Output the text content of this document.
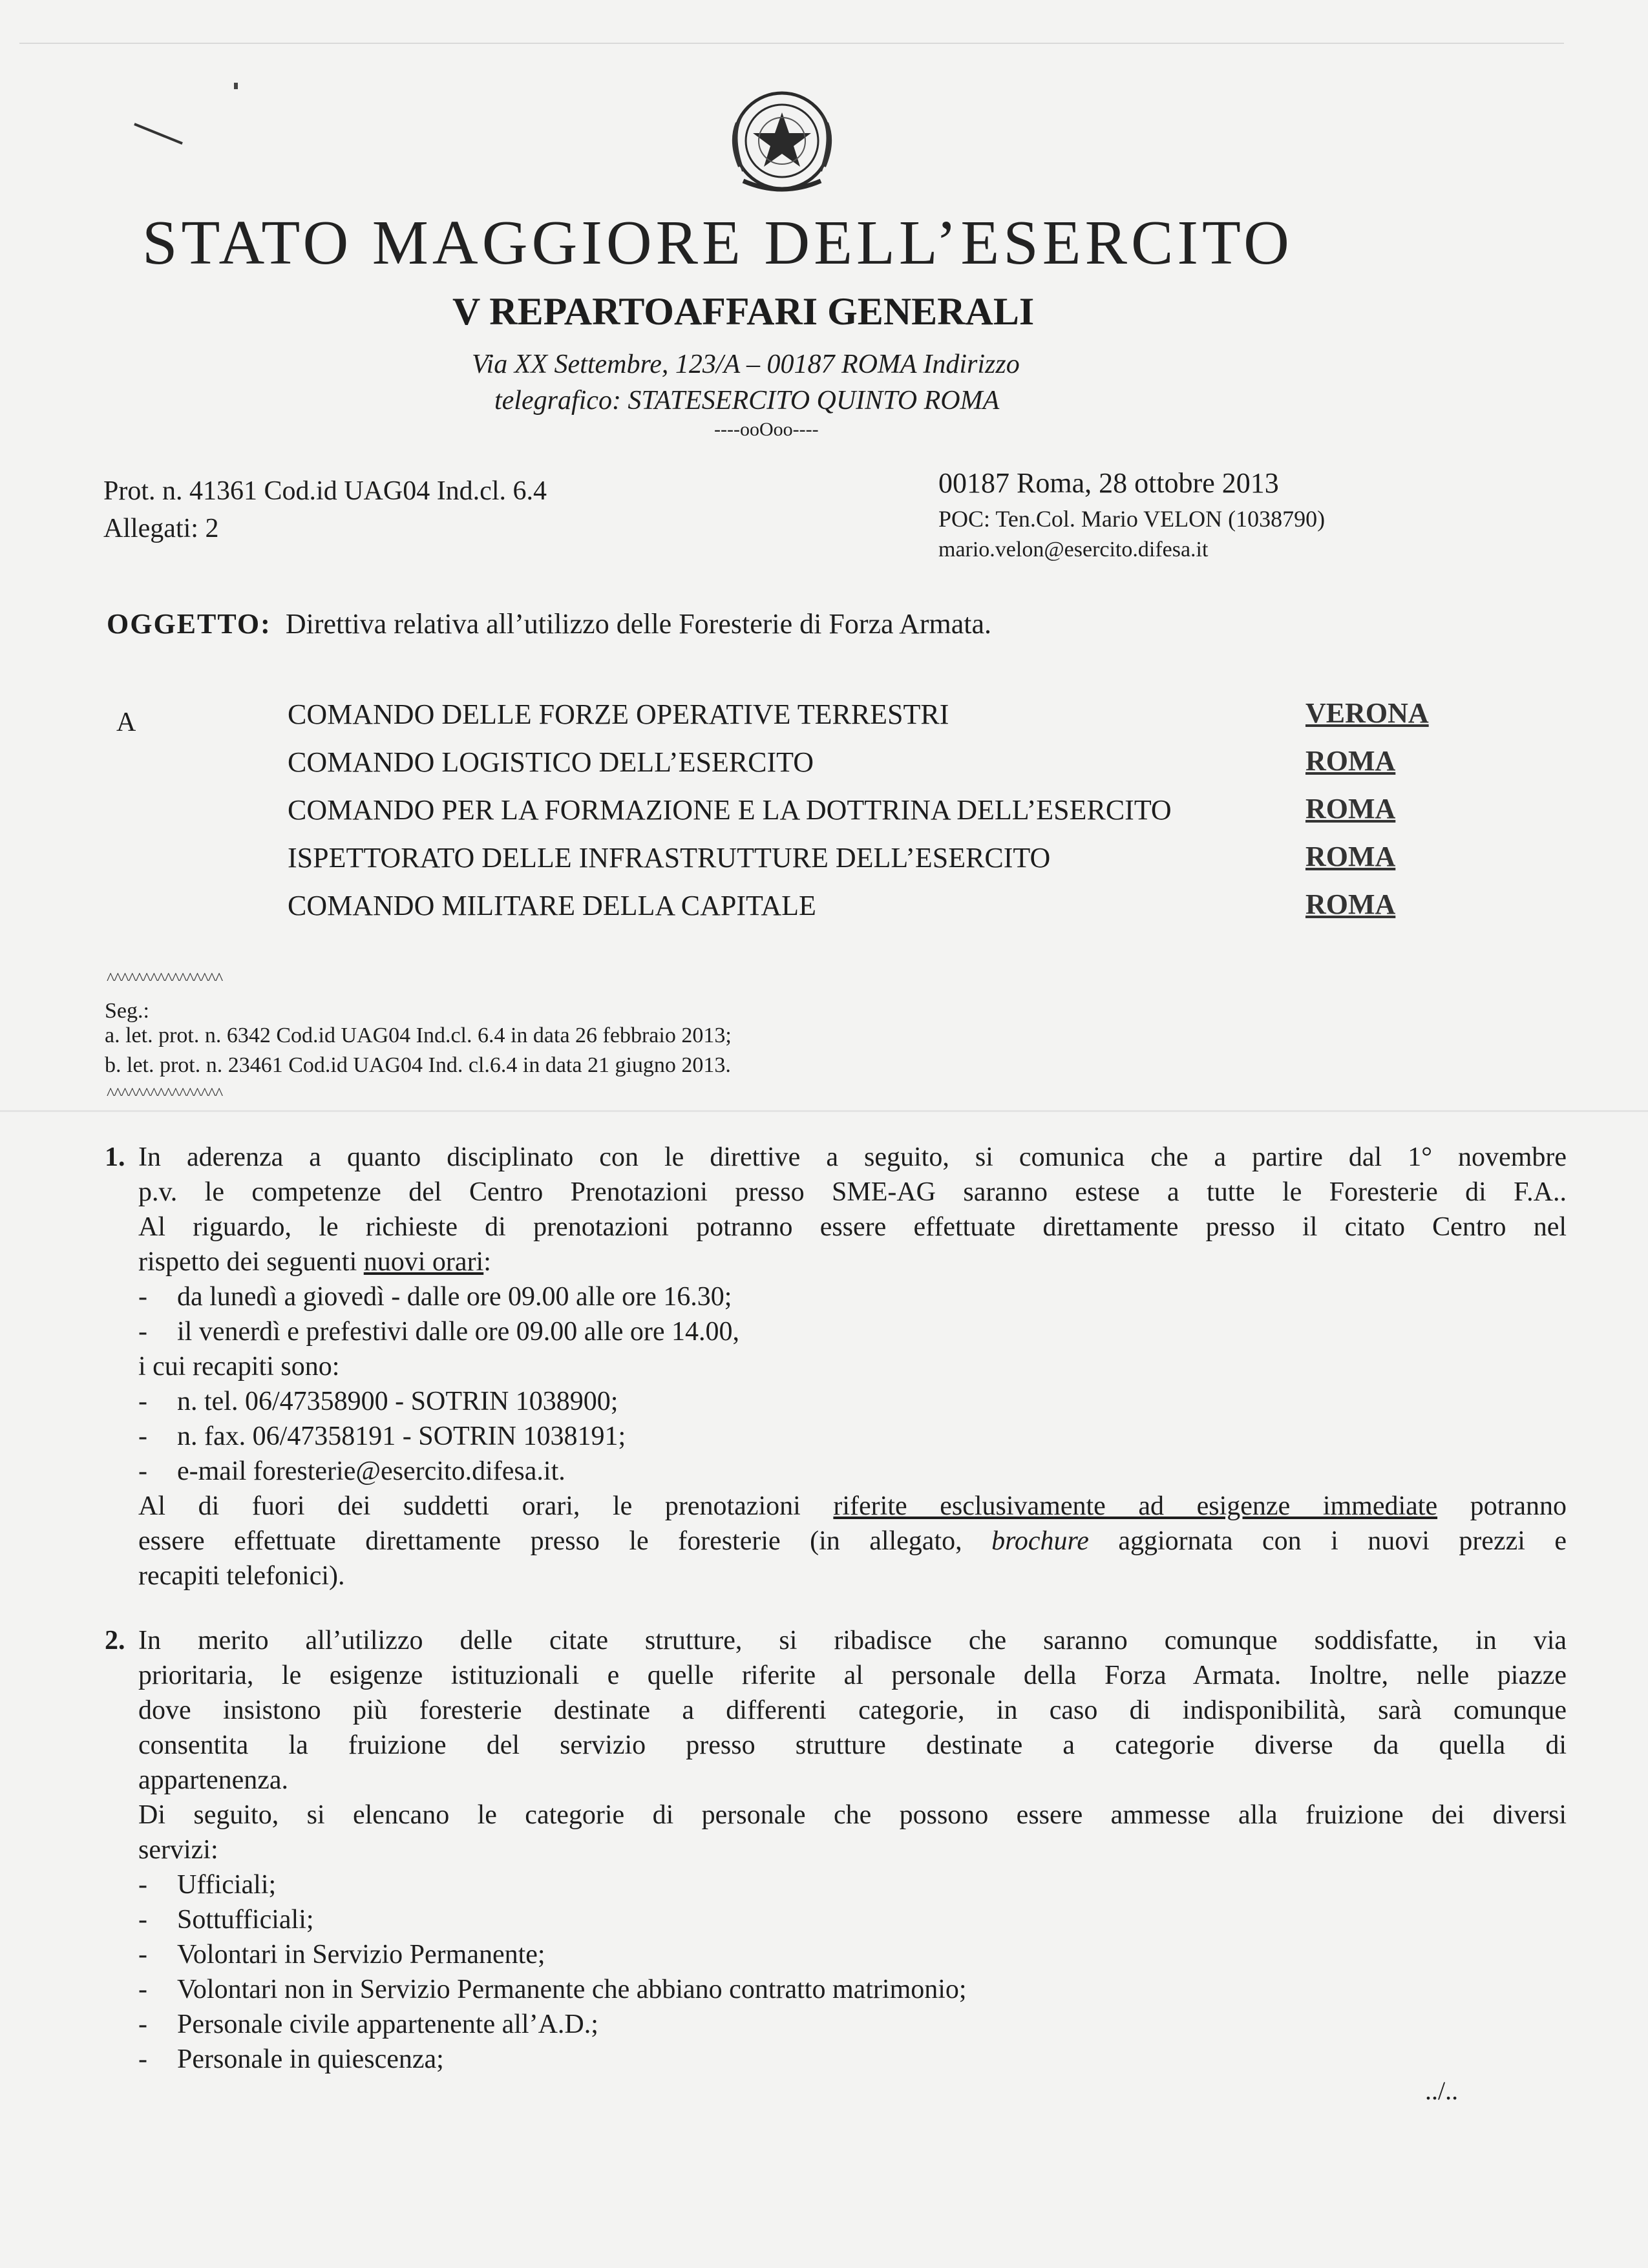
STATO MAGGIORE DELL’ESERCITO
V REPARTOAFFARI GENERALI
Via XX Settembre, 123/A – 00187 ROMA Indirizzo
telegrafico: STATESERCITO QUINTO ROMA
----ooOoo----
Prot. n. 41361 Cod.id UAG04 Ind.cl. 6.4
Allegati: 2
00187 Roma, 28 ottobre 2013
POC: Ten.Col. Mario VELON (1038790)
mario.velon@esercito.difesa.it
OGGETTO: Direttiva relativa all’utilizzo delle Foresterie di Forza Armata.
A	COMANDO DELLE FORZE OPERATIVE TERRESTRI	VERONA
COMANDO LOGISTICO DELL’ESERCITO	ROMA
COMANDO PER LA FORMAZIONE E LA DOTTRINA DELL’ESERCITO	ROMA
ISPETTORATO DELLE INFRASTRUTTURE DELL’ESERCITO	ROMA
COMANDO MILITARE DELLA CAPITALE	ROMA
^^^^^^^^^^^^^^^^
Seg.:
a. let. prot. n. 6342 Cod.id UAG04 Ind.cl. 6.4 in data 26 febbraio 2013;
b. let. prot. n. 23461 Cod.id UAG04 Ind. cl.6.4 in data 21 giugno 2013.
^^^^^^^^^^^^^^^^
1. In aderenza a quanto disciplinato con le direttive a seguito, si comunica che a partire dal 1° novembre
p.v. le competenze del Centro Prenotazioni presso SME-AG saranno estese a tutte le Foresterie di F.A..
Al riguardo, le richieste di prenotazioni potranno essere effettuate direttamente presso il citato Centro nel
rispetto dei seguenti nuovi orari:
- da lunedì a giovedì - dalle ore 09.00 alle ore 16.30;
- il venerdì e prefestivi dalle ore 09.00 alle ore 14.00,
i cui recapiti sono:
- n. tel. 06/47358900 - SOTRIN 1038900;
- n. fax. 06/47358191 - SOTRIN 1038191;
- e-mail foresterie@esercito.difesa.it.
Al di fuori dei suddetti orari, le prenotazioni riferite esclusivamente ad esigenze immediate potranno
essere effettuate direttamente presso le foresterie (in allegato, brochure aggiornata con i nuovi prezzi e
recapiti telefonici).
2. In merito all’utilizzo delle citate strutture, si ribadisce che saranno comunque soddisfatte, in via
prioritaria, le esigenze istituzionali e quelle riferite al personale della Forza Armata. Inoltre, nelle piazze
dove insistono più foresterie destinate a differenti categorie, in caso di indisponibilità, sarà comunque
consentita la fruizione del servizio presso strutture destinate a categorie diverse da quella di
appartenenza.
Di seguito, si elencano le categorie di personale che possono essere ammesse alla fruizione dei diversi
servizi:
- Ufficiali;
- Sottufficiali;
- Volontari in Servizio Permanente;
- Volontari non in Servizio Permanente che abbiano contratto matrimonio;
- Personale civile appartenente all’A.D.;
- Personale in quiescenza;
../..
